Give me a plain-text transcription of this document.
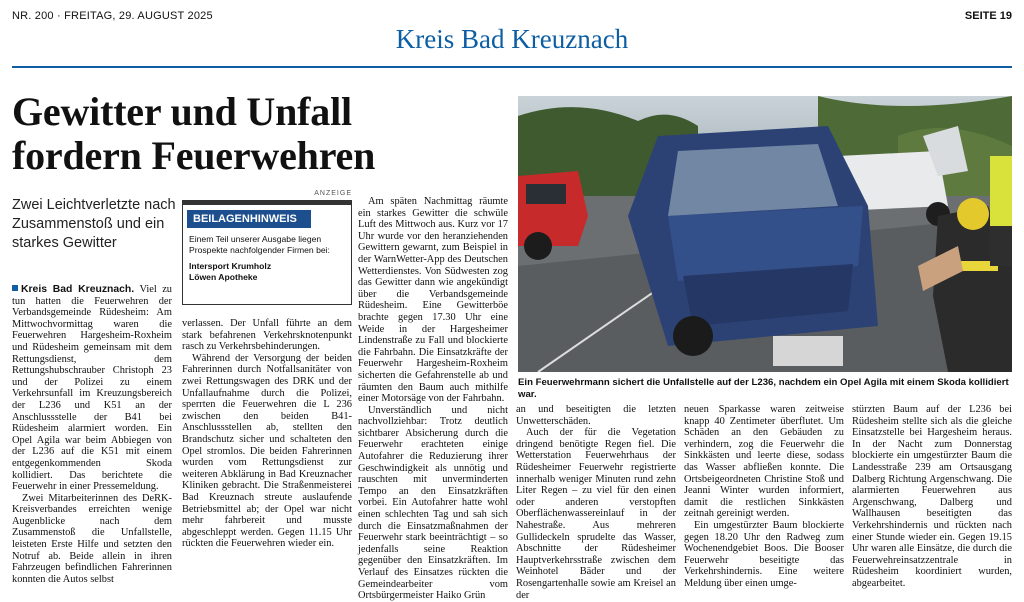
NR. 200 · FREITAG, 29. AUGUST 2025
Kreis Bad Kreuznach
SEITE 19
Gewitter und Unfall
fordern Feuerwehren
Zwei Leichtverletzte nach Zusammenstoß und ein starkes Gewitter
Ein Feuerwehrmann sichert die Unfallstelle auf der L236, nachdem ein Opel Agila mit einem Skoda kollidiert war.

Kreis Bad Kreuznach. Viel zu tun hatten die Feuerwehren der Verbandsgemeinde Rüdesheim: Am Mittwochvormittag waren die Feuerwehren Hargesheim-Roxheim und Rüdesheim gemeinsam mit dem Rettungsdienst, dem Rettungshubschrauber Christoph 23 und der Polizei zu einem Verkehrsunfall im Kreuzungsbereich der L236 und K51 an der Anschlussstelle der B41 bei Rüdesheim alarmiert worden. Ein Opel Agila war beim Abbiegen von der L236 auf die K51 mit einem entgegenkommenden Skoda kollidiert. Das berichtete die Feuerwehr in einer Pressemeldung.

Zwei Mitarbeiterinnen des DeRK-Kreisverbandes erreichten wenige Augenblicke nach dem Zusammenstoß die Unfallstelle, leisteten Erste Hilfe und setzten den Notruf ab. Beide allein in ihren Fahrzeugen befindlichen Fahrerinnen konnten die Autos selbst

ANZEIGE
BEILAGENHINWEIS
Einem Teil unserer Ausgabe liegen Prospekte nachfolgender Firmen bei:
Intersport Krumholz
Löwen Apotheke

verlassen. Der Unfall führte an dem stark befahrenen Verkehrsknotenpunkt rasch zu Verkehrsbehinderungen.

Während der Versorgung der beiden Fahrerinnen durch Notfallsanitäter von zwei Rettungswagen des DRK und der Unfallaufnahme durch die Polizei, sperrten die Feuerwehren die L 236 zwischen den beiden B41-Anschlussstellen ab, stellten den Brandschutz sicher und schalteten den Opel stromlos. Die beiden Fahrerinnen wurden vom Rettungsdienst zur weiteren Abklärung in Bad Kreuznacher Kliniken gebracht. Die Straßenmeisterei Bad Kreuznach streute auslaufende Betriebsmittel ab; der Opel war nicht mehr fahrbereit und musste abgeschleppt werden. Gegen 11.15 Uhr rückten die Feuerwehren wieder ein.

Am späten Nachmittag räumte ein starkes Gewitter die schwüle Luft des Mittwoch aus. Kurz vor 17 Uhr wurde vor den heranziehenden Gewittern gewarnt, zum Beispiel in der WarnWetter-App des Deutschen Wetterdienstes. Von Südwesten zog das Gewitter dann wie angekündigt über die Verbandsgemeinde Rüdesheim. Eine Gewitterböe brachte gegen 17.30 Uhr eine Weide in der Hargesheimer Lindenstraße zu Fall und blockierte die Fahrbahn. Die Einsatzkräfte der Feuerwehr Hargesheim-Roxheim sicherten die Gefahrenstelle ab und räumten den Baum auch mithilfe einer Motorsäge von der Fahrbahn.

Unverständlich und nicht nachvollziehbar: Trotz deutlich sichtbarer Absicherung durch die Feuerwehr erachteten einige Autofahrer die Reduzierung ihrer Geschwindigkeit als unnötig und rauschten mit unverminderten Tempo an den Einsatzkräften vorbei. Ein Autofahrer hatte wohl einen schlechten Tag und sah sich durch die Einsatzmaßnahmen der Feuerwehr stark beeinträchtigt – so jedenfalls seine Reaktion gegenüber den Einsatzkräften. Im Verlauf des Einsatzes rückten die Gemeindearbeiter vom Ortsbürgermeister Haiko Grün

an und beseitigten die letzten Unwetterschäden.

Auch der für die Vegetation dringend benötigte Regen fiel. Die Wetterstation Feuerwehrhaus der Rüdesheimer Feuerwehr registrierte innerhalb weniger Minuten rund zehn Liter Regen – zu viel für den einen oder anderen verstopften Oberflächenwassereinlauf in der Nahestraße. Aus mehreren Gullideckeln sprudelte das Wasser, Abschnitte der Rüdesheimer Hauptverkehrsstraße zwischen dem Weinhotel Bäder und der Rosengartenhalle sowie am Kreisel an der

neuen Sparkasse waren zeitweise knapp 40 Zentimeter überflutet. Um Schäden an den Gebäuden zu verhindern, zog die Feuerwehr die Sinkkästen und leerte diese, sodass das Wasser abfließen konnte. Die Ortsbeigeordneten Christine Stoß und Jeanni Winter wurden informiert, damit die restlichen Sinkkästen zeitnah gereinigt werden.

Ein umgestürzter Baum blockierte gegen 18.20 Uhr den Radweg zum Wochenendgebiet Boos. Die Booser Feuerwehr beseitigte das Verkehrshindernis. Eine weitere Meldung über einen umge-

stürzten Baum auf der L236 bei Rüdesheim stellte sich als die gleiche Einsatzstelle bei Hargesheim heraus. In der Nacht zum Donnerstag blockierte ein umgestürzter Baum die Landesstraße 239 am Ortsausgang Dalberg Richtung Argenschwang. Die alarmierten Feuerwehren aus Argenschwang, Dalberg und Wallhausen beseitigten das Verkehrshindernis und rückten nach einer Stunde wieder ein. Gegen 19.15 Uhr waren alle Einsätze, die durch die Feuerwehreinsatzzentrale in Rüdesheim koordiniert wurden, abgearbeitet.
